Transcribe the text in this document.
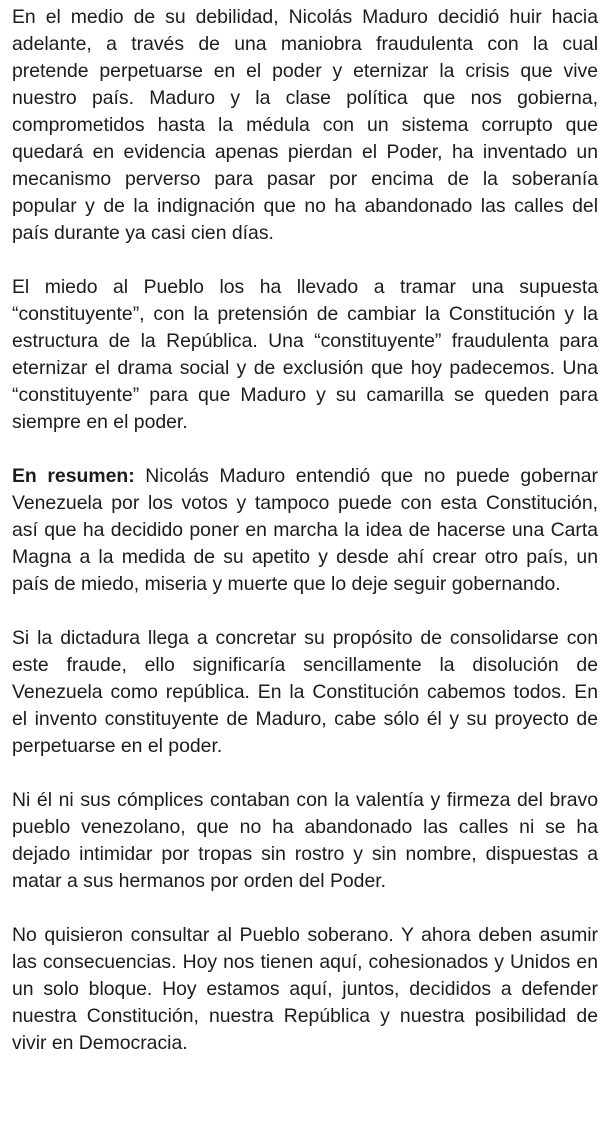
En el medio de su debilidad, Nicolás Maduro decidió huir hacia adelante, a través de una maniobra fraudulenta con la cual pretende perpetuarse en el poder y eternizar la crisis que vive nuestro país. Maduro y la clase política que nos gobierna, comprometidos hasta la médula con un sistema corrupto que quedará en evidencia apenas pierdan el Poder, ha inventado un mecanismo perverso para pasar por encima de la soberanía popular y de la indignación que no ha abandonado las calles del país durante ya casi cien días.

El miedo al Pueblo los ha llevado a tramar una supuesta “constituyente”, con la pretensión de cambiar la Constitución y la estructura de la República. Una “constituyente” fraudulenta para eternizar el drama social y de exclusión que hoy padecemos. Una “constituyente” para que Maduro y su camarilla se queden para siempre en el poder.

En resumen: Nicolás Maduro entendió que no puede gobernar Venezuela por los votos y tampoco puede con esta Constitución, así que ha decidido poner en marcha la idea de hacerse una Carta Magna a la medida de su apetito y desde ahí crear otro país, un país de miedo, miseria y muerte que lo deje seguir gobernando.

Si la dictadura llega a concretar su propósito de consolidarse con este fraude, ello significaría sencillamente la disolución de Venezuela como república. En la Constitución cabemos todos. En el invento constituyente de Maduro, cabe sólo él y su proyecto de perpetuarse en el poder.

Ni él ni sus cómplices contaban con la valentía y firmeza del bravo pueblo venezolano, que no ha abandonado las calles ni se ha dejado intimidar por tropas sin rostro y sin nombre, dispuestas a matar a sus hermanos por orden del Poder.

No quisieron consultar al Pueblo soberano. Y ahora deben asumir las consecuencias. Hoy nos tienen aquí, cohesionados y Unidos en un solo bloque. Hoy estamos aquí, juntos, decididos a defender nuestra Constitución, nuestra República y nuestra posibilidad de vivir en Democracia.
